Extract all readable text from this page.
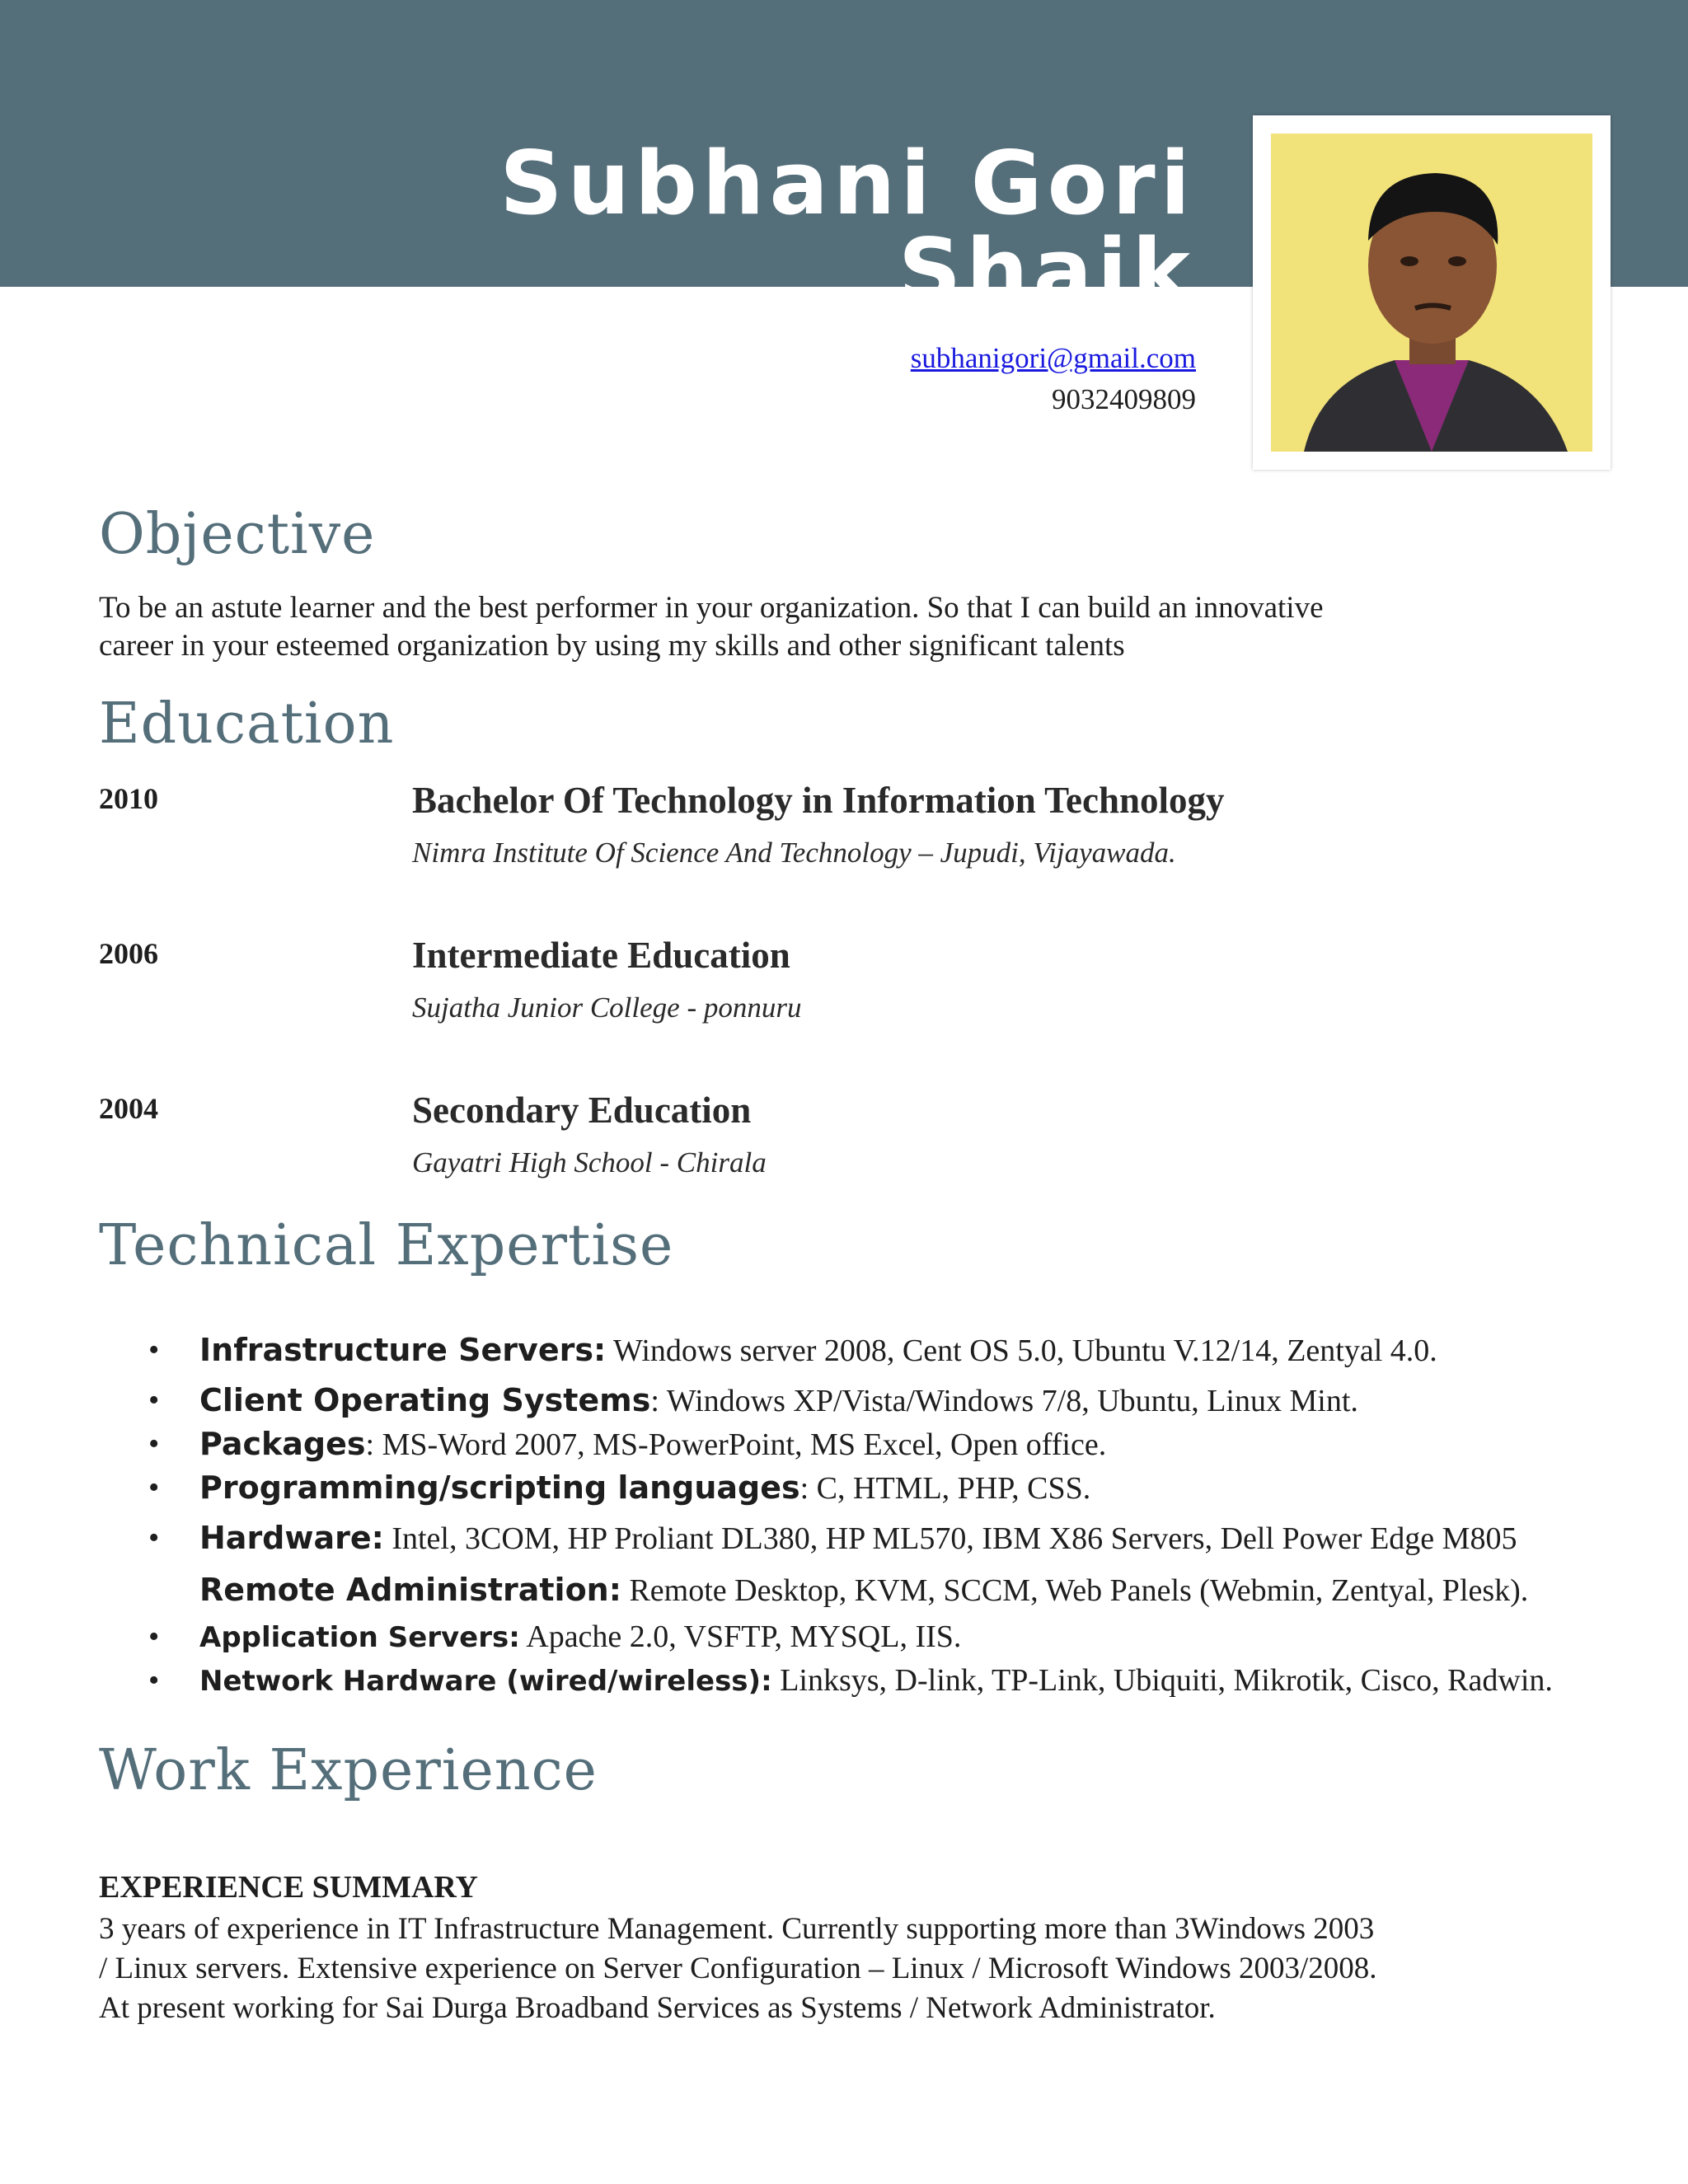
Subhani Gori Shaik
subhanigori@gmail.com
9032409809
Objective
To be an astute learner and the best performer in your organization. So that I can build an innovative
career in your esteemed organization by using my skills and other significant talents
Education
2010	Bachelor Of Technology in Information Technology
Nimra Institute Of Science And Technology – Jupudi, Vijayawada.
2006	Intermediate Education
Sujatha Junior College - ponnuru
2004	Secondary Education
Gayatri High School - Chirala
Technical Expertise
• Infrastructure Servers: Windows server 2008, Cent OS 5.0, Ubuntu V.12/14, Zentyal 4.0.
• Client Operating Systems: Windows XP/Vista/Windows 7/8, Ubuntu, Linux Mint.
• Packages: MS-Word 2007, MS-PowerPoint, MS Excel, Open office.
• Programming/scripting languages: C, HTML, PHP, CSS.
• Hardware: Intel, 3COM, HP Proliant DL380, HP ML570, IBM X86 Servers, Dell Power Edge M805
Remote Administration: Remote Desktop, KVM, SCCM, Web Panels (Webmin, Zentyal, Plesk).
• Application Servers: Apache 2.0, VSFTP, MYSQL, IIS.
• Network Hardware (wired/wireless): Linksys, D-link, TP-Link, Ubiquiti, Mikrotik, Cisco, Radwin.
Work Experience
EXPERIENCE SUMMARY
3 years of experience in IT Infrastructure Management. Currently supporting more than 3Windows 2003
/ Linux servers. Extensive experience on Server Configuration – Linux / Microsoft Windows 2003/2008.
At present working for Sai Durga Broadband Services as Systems / Network Administrator.
